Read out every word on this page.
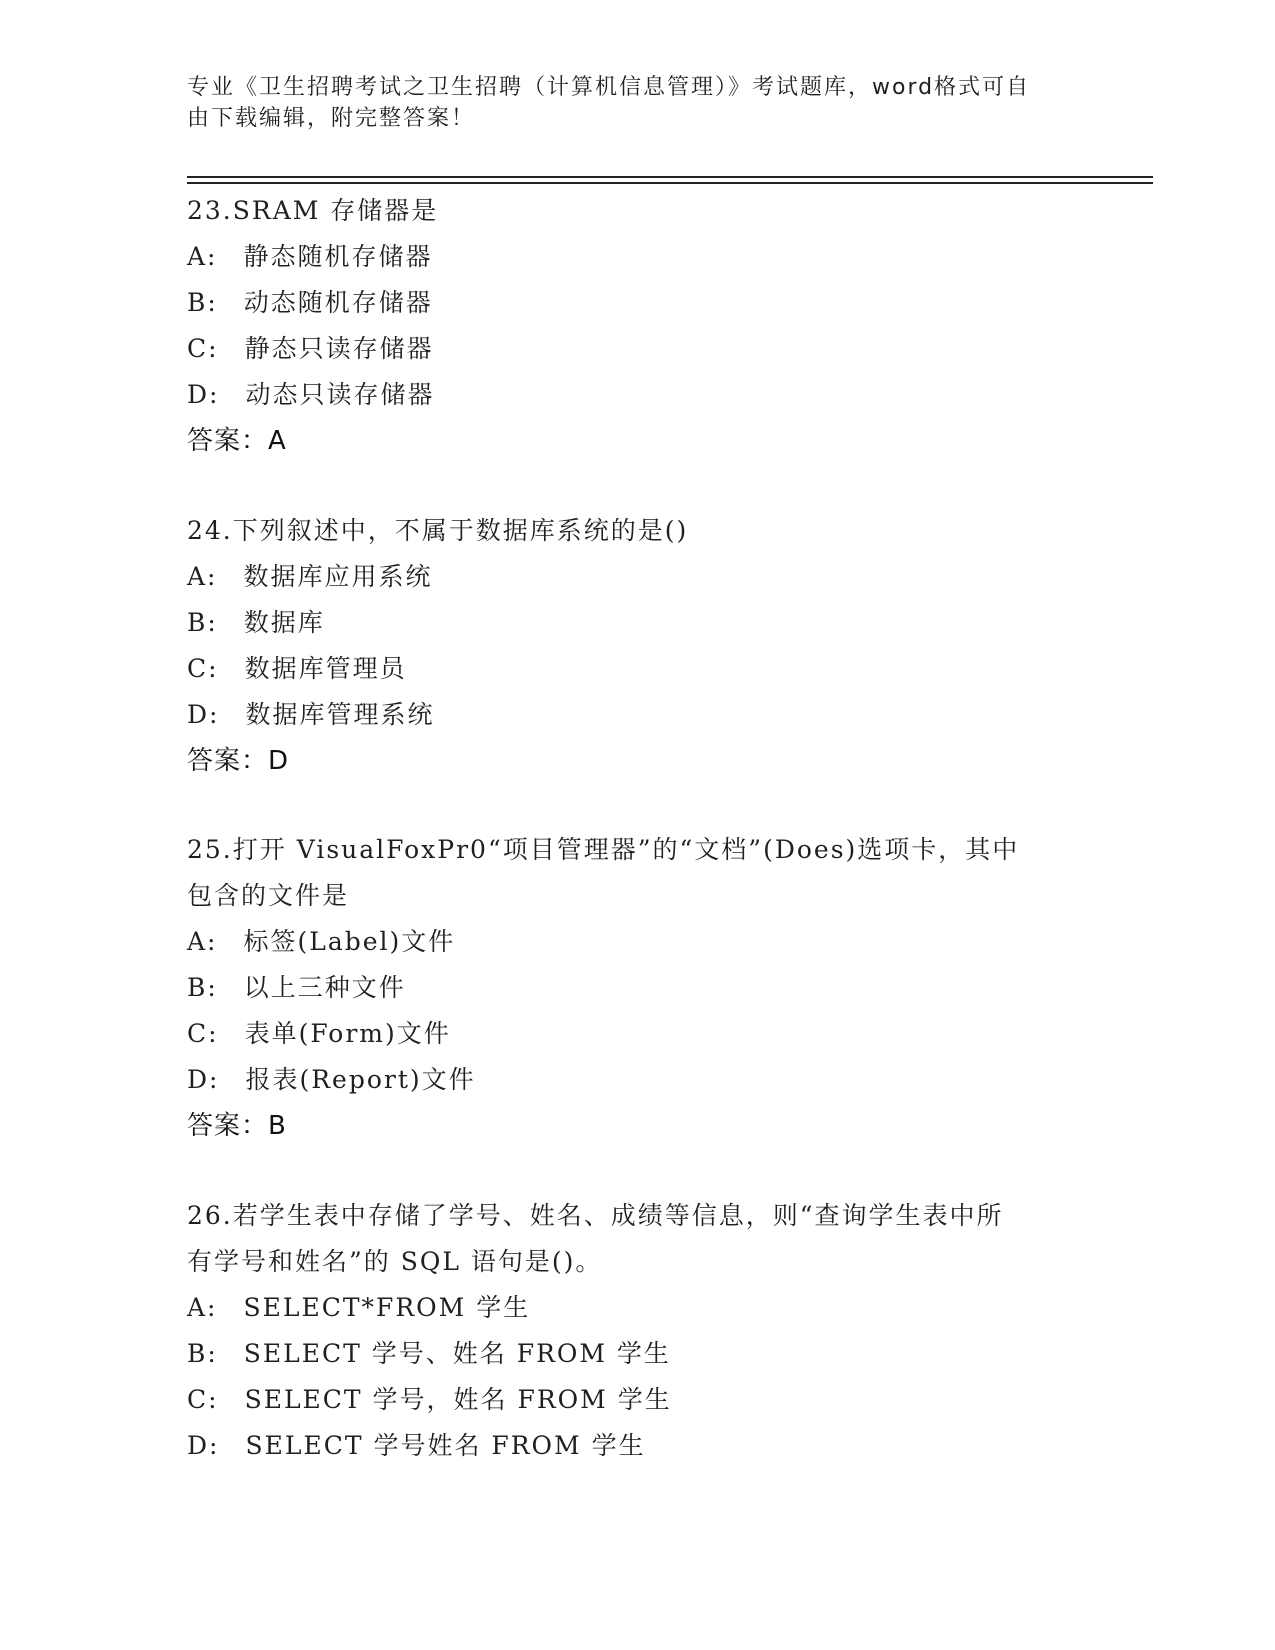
专业《卫生招聘考试之卫生招聘（计算机信息管理）》考试题库，word格式可自
由下载编辑，附完整答案！
23.SRAM 存储器是
A: 静态随机存储器
B: 动态随机存储器
C: 静态只读存储器
D: 动态只读存储器
答案：A
24.下列叙述中，不属于数据库系统的是()
A: 数据库应用系统
B: 数据库
C: 数据库管理员
D: 数据库管理系统
答案：D
25.打开 VisualFoxPr0“项目管理器”的“文档”(Does)选项卡，其中
包含的文件是
A: 标签(Label)文件
B: 以上三种文件
C: 表单(Form)文件
D: 报表(Report)文件
答案：B
26.若学生表中存储了学号、姓名、成绩等信息，则“查询学生表中所
有学号和姓名”的 SQL 语句是()。
A: SELECT*FROM 学生
B: SELECT 学号、姓名 FROM 学生
C: SELECT 学号，姓名 FROM 学生
D: SELECT 学号姓名 FROM 学生
